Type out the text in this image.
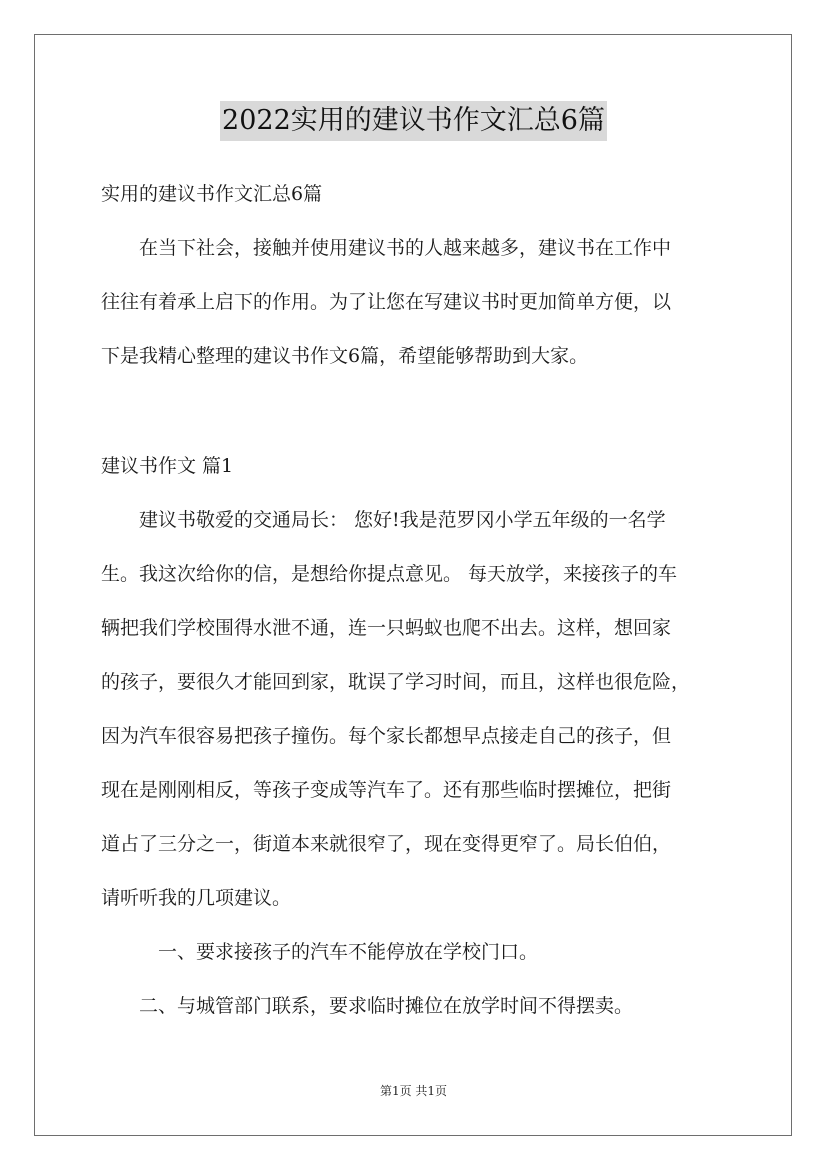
2022实用的建议书作文汇总6篇
实用的建议书作文汇总6篇
　　在当下社会，接触并使用建议书的人越来越多，建议书在工作中
往往有着承上启下的作用。为了让您在写建议书时更加简单方便，以
下是我精心整理的建议书作文6篇，希望能够帮助到大家。
建议书作文 篇1
　　建议书敬爱的交通局长： 您好!我是范罗冈小学五年级的一名学
生。我这次给你的信，是想给你提点意见。 每天放学，来接孩子的车
辆把我们学校围得水泄不通，连一只蚂蚁也爬不出去。这样，想回家
的孩子，要很久才能回到家，耽误了学习时间，而且，这样也很危险，
因为汽车很容易把孩子撞伤。每个家长都想早点接走自己的孩子，但
现在是刚刚相反，等孩子变成等汽车了。还有那些临时摆摊位，把街
道占了三分之一，街道本来就很窄了，现在变得更窄了。局长伯伯，
请听听我的几项建议。
　　　一、要求接孩子的汽车不能停放在学校门口。
　　二、与城管部门联系，要求临时摊位在放学时间不得摆卖。
第1页 共1页
